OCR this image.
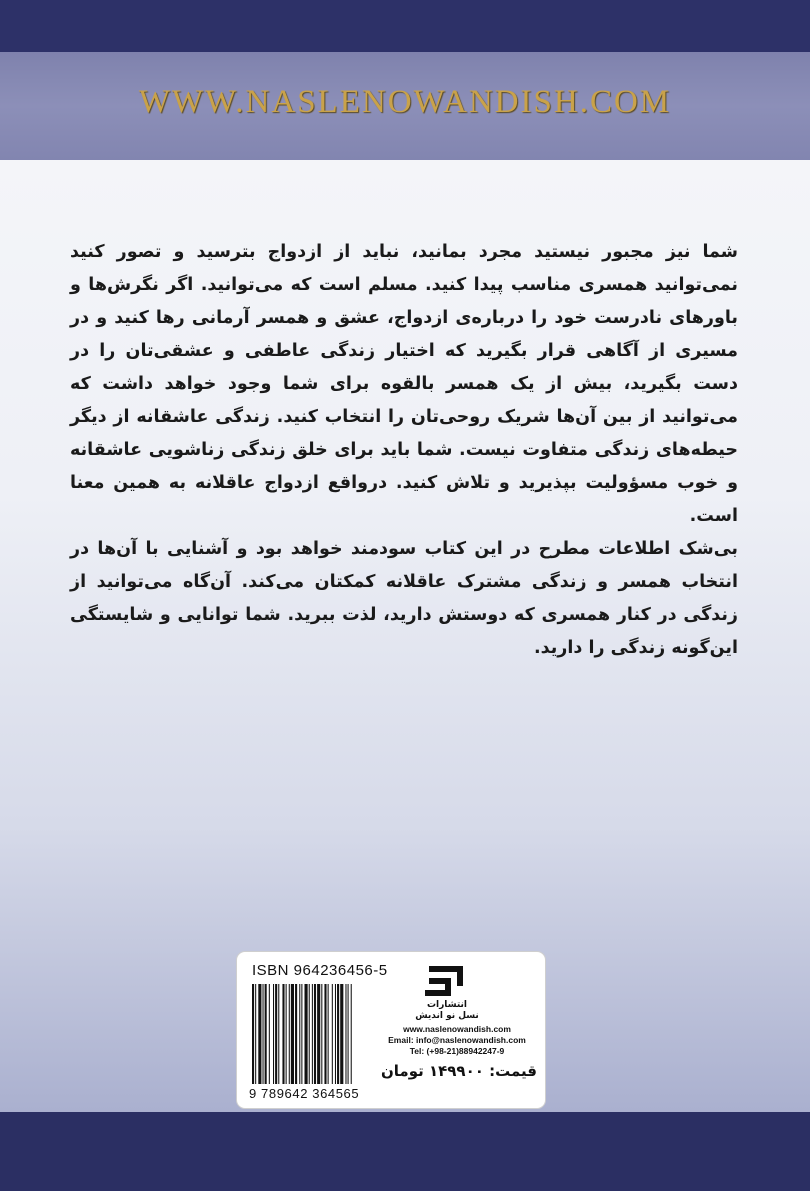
WWW.NASLENOWANDISH.COM

شما نیز مجبور نیستید مجرد بمانید، نباید از ازدواج بترسید و تصور کنید نمی‌توانید همسری مناسب پیدا کنید. مسلم است که می‌توانید. اگر نگرش‌ها و باورهای نادرست خود را درباره‌ی ازدواج، عشق و همسر آرمانی رها کنید و در مسیری از آگاهی قرار بگیرید که اختیار زندگی عاطفی و عشقی‌تان را در دست بگیرید، بیش از یک همسر بالقوه برای شما وجود خواهد داشت که می‌توانید از بین آن‌ها شریک روحی‌تان را انتخاب کنید. زندگی عاشقانه از دیگر حیطه‌های زندگی متفاوت نیست. شما باید برای خلق زندگی زناشویی عاشقانه و خوب مسؤولیت بپذیرید و تلاش کنید. درواقع ازدواج عاقلانه به همین معنا است.

بی‌شک اطلاعات مطرح در این کتاب سودمند خواهد بود و آشنایی با آن‌ها در انتخاب همسر و زندگی مشترک عاقلانه کمکتان می‌کند. آن‌گاه می‌توانید از زندگی در کنار همسری که دوستش دارید، لذت ببرید. شما توانایی و شایستگی این‌گونه زندگی را دارید.

ISBN 964236456-5
9 789642 364565
انتشارات
نسل نو اندیش
www.naslenowandish.com
Email: info@naslenowandish.com
Tel: (+98-21)88942247-9
قیمت: ۱۴۹۹۰۰ تومان
